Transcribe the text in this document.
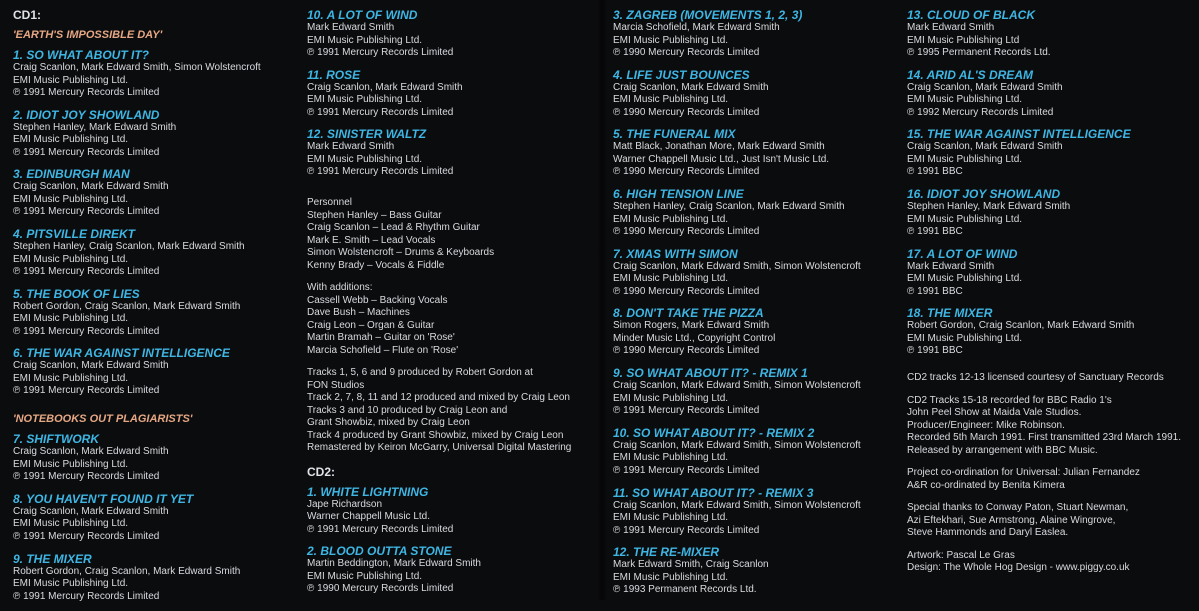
CD1:
'EARTH'S IMPOSSIBLE DAY'
1. SO WHAT ABOUT IT?
Craig Scanlon, Mark Edward Smith, Simon Wolstencroft
EMI Music Publishing Ltd.
℗ 1991 Mercury Records Limited
2. IDIOT JOY SHOWLAND
Stephen Hanley, Mark Edward Smith
EMI Music Publishing Ltd.
℗ 1991 Mercury Records Limited
3. EDINBURGH MAN
Craig Scanlon, Mark Edward Smith
EMI Music Publishing Ltd.
℗ 1991 Mercury Records Limited
4. PITSVILLE DIREKT
Stephen Hanley, Craig Scanlon, Mark Edward Smith
EMI Music Publishing Ltd.
℗ 1991 Mercury Records Limited
5. THE BOOK OF LIES
Robert Gordon, Craig Scanlon, Mark Edward Smith
EMI Music Publishing Ltd.
℗ 1991 Mercury Records Limited
6. THE WAR AGAINST INTELLIGENCE
Craig Scanlon, Mark Edward Smith
EMI Music Publishing Ltd.
℗ 1991 Mercury Records Limited
'NOTEBOOKS OUT PLAGIARISTS'
7. SHIFTWORK
Craig Scanlon, Mark Edward Smith
EMI Music Publishing Ltd.
℗ 1991 Mercury Records Limited
8. YOU HAVEN'T FOUND IT YET
Craig Scanlon, Mark Edward Smith
EMI Music Publishing Ltd.
℗ 1991 Mercury Records Limited
9. THE MIXER
Robert Gordon, Craig Scanlon, Mark Edward Smith
EMI Music Publishing Ltd.
℗ 1991 Mercury Records Limited
10. A LOT OF WIND
Mark Edward Smith
EMI Music Publishing Ltd.
℗ 1991 Mercury Records Limited
11. ROSE
Craig Scanlon, Mark Edward Smith
EMI Music Publishing Ltd.
℗ 1991 Mercury Records Limited
12. SINISTER WALTZ
Mark Edward Smith
EMI Music Publishing Ltd.
℗ 1991 Mercury Records Limited
Personnel
Stephen Hanley – Bass Guitar
Craig Scanlon – Lead & Rhythm Guitar
Mark E. Smith – Lead Vocals
Simon Wolstencroft – Drums & Keyboards
Kenny Brady – Vocals & Fiddle
With additions:
Cassell Webb – Backing Vocals
Dave Bush – Machines
Craig Leon – Organ & Guitar
Martin Bramah – Guitar on 'Rose'
Marcia Schofield – Flute on 'Rose'
Tracks 1, 5, 6 and 9 produced by Robert Gordon at
FON Studios
Track 2, 7, 8, 11 and 12 produced and mixed by Craig Leon
Tracks 3 and 10 produced by Craig Leon and
Grant Showbiz, mixed by Craig Leon
Track 4 produced by Grant Showbiz, mixed by Craig Leon
Remastered by Keiron McGarry, Universal Digital Mastering
CD2:
1. WHITE LIGHTNING
Jape Richardson
Warner Chappell Music Ltd.
℗ 1991 Mercury Records Limited
2. BLOOD OUTTA STONE
Martin Beddington, Mark Edward Smith
EMI Music Publishing Ltd.
℗ 1990 Mercury Records Limited
3. ZAGREB (MOVEMENTS 1, 2, 3)
Marcia Schofield, Mark Edward Smith
EMI Music Publishing Ltd.
℗ 1990 Mercury Records Limited
4. LIFE JUST BOUNCES
Craig Scanlon, Mark Edward Smith
EMI Music Publishing Ltd.
℗ 1990 Mercury Records Limited
5. THE FUNERAL MIX
Matt Black, Jonathan More, Mark Edward Smith
Warner Chappell Music Ltd., Just Isn't Music Ltd.
℗ 1990 Mercury Records Limited
6. HIGH TENSION LINE
Stephen Hanley, Craig Scanlon, Mark Edward Smith
EMI Music Publishing Ltd.
℗ 1990 Mercury Records Limited
7. XMAS WITH SIMON
Craig Scanlon, Mark Edward Smith, Simon Wolstencroft
EMI Music Publishing Ltd.
℗ 1990 Mercury Records Limited
8. DON'T TAKE THE PIZZA
Simon Rogers, Mark Edward Smith
Minder Music Ltd., Copyright Control
℗ 1990 Mercury Records Limited
9. SO WHAT ABOUT IT? - REMIX 1
Craig Scanlon, Mark Edward Smith, Simon Wolstencroft
EMI Music Publishing Ltd.
℗ 1991 Mercury Records Limited
10. SO WHAT ABOUT IT? - REMIX 2
Craig Scanlon, Mark Edward Smith, Simon Wolstencroft
EMI Music Publishing Ltd.
℗ 1991 Mercury Records Limited
11. SO WHAT ABOUT IT? - REMIX 3
Craig Scanlon, Mark Edward Smith, Simon Wolstencroft
EMI Music Publishing Ltd.
℗ 1991 Mercury Records Limited
12. THE RE-MIXER
Mark Edward Smith, Craig Scanlon
EMI Music Publishing Ltd.
℗ 1993 Permanent Records Ltd.
13. CLOUD OF BLACK
Mark Edward Smith
EMI Music Publishing Ltd
℗ 1995 Permanent Records Ltd.
14. ARID AL'S DREAM
Craig Scanlon, Mark Edward Smith
EMI Music Publishing Ltd.
℗ 1992 Mercury Records Limited
15. THE WAR AGAINST INTELLIGENCE
Craig Scanlon, Mark Edward Smith
EMI Music Publishing Ltd.
℗ 1991 BBC
16. IDIOT JOY SHOWLAND
Stephen Hanley, Mark Edward Smith
EMI Music Publishing Ltd.
℗ 1991 BBC
17. A LOT OF WIND
Mark Edward Smith
EMI Music Publishing Ltd.
℗ 1991 BBC
18. THE MIXER
Robert Gordon, Craig Scanlon, Mark Edward Smith
EMI Music Publishing Ltd.
℗ 1991 BBC
CD2 tracks 12-13 licensed courtesy of Sanctuary Records
CD2 Tracks 15-18 recorded for BBC Radio 1's
John Peel Show at Maida Vale Studios.
Producer/Engineer: Mike Robinson.
Recorded 5th March 1991. First transmitted 23rd March 1991.
Released by arrangement with BBC Music.
Project co-ordination for Universal: Julian Fernandez
A&R co-ordinated by Benita Kimera
Special thanks to Conway Paton, Stuart Newman,
Azi Eftekhari, Sue Armstrong, Alaine Wingrove,
Steve Hammonds and Daryl Easlea.
Artwork: Pascal Le Gras
Design: The Whole Hog Design - www.piggy.co.uk
